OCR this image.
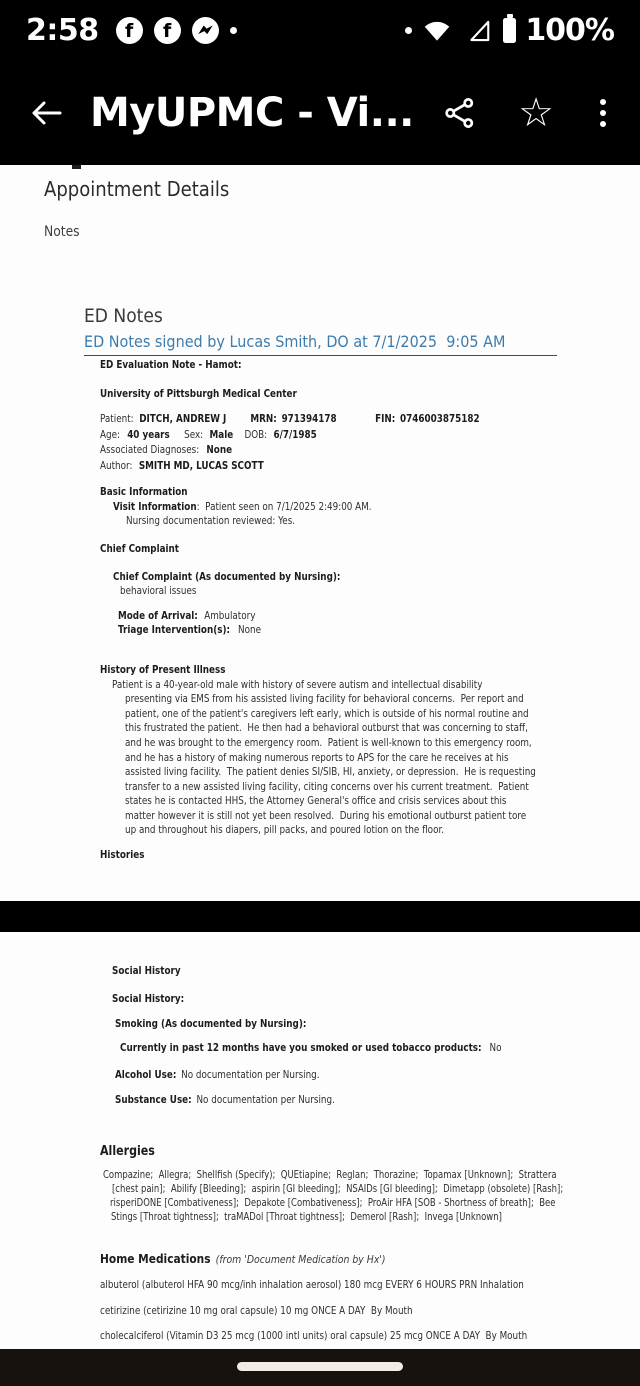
2:58 f f	100%
MyUPMC - Vi...	☆
Appointment Details
Notes
ED Notes
ED Notes signed by Lucas Smith, DO at 7/1/2025  9:05 AM
ED Evaluation Note - Hamot:
University of Pittsburgh Medical Center
Patient: DITCH, ANDREW J MRN: 971394178	FIN: 0746003875182
Age: 40 years Sex: Male DOB: 6/7/1985
Associated Diagnoses: None
Author: SMITH MD, LUCAS SCOTT
Basic Information
Visit Information:  Patient seen on 7/1/2025 2:49:00 AM.
Nursing documentation reviewed: Yes.
Chief Complaint
Chief Complaint (As documented by Nursing):
behavioral issues
Mode of Arrival: Ambulatory
Triage Intervention(s): None
History of Present Illness
Patient is a 40-year-old male with history of severe autism and intellectual disability
presenting via EMS from his assisted living facility for behavioral concerns.  Per report and
patient, one of the patient's caregivers left early, which is outside of his normal routine and
this frustrated the patient.  He then had a behavioral outburst that was concerning to staff,
and he was brought to the emergency room.  Patient is well-known to this emergency room,
and he has a history of making numerous reports to APS for the care he receives at his
assisted living facility.  The patient denies SI/SIB, HI, anxiety, or depression.  He is requesting
transfer to a new assisted living facility, citing concerns over his current treatment.  Patient
states he is contacted HHS, the Attorney General's office and crisis services about this
matter however it is still not yet been resolved.  During his emotional outburst patient tore
up and throughout his diapers, pill packs, and poured lotion on the floor.
Histories
Social History
Social History:
Smoking (As documented by Nursing):
Currently in past 12 months have you smoked or used tobacco products: No
Alcohol Use: No documentation per Nursing.
Substance Use: No documentation per Nursing.
Allergies
Compazine;  Allegra;  Shellfish (Specify);  QUEtiapine;  Reglan;  Thorazine;  Topamax [Unknown];  Strattera
[chest pain];  Abilify [Bleeding];  aspirin [GI bleeding];  NSAIDs [GI bleeding];  Dimetapp (obsolete) [Rash];
risperiDONE [Combativeness];  Depakote [Combativeness];  ProAir HFA [SOB - Shortness of breath];  Bee
Stings [Throat tightness];  traMADol [Throat tightness];  Demerol [Rash];  Invega [Unknown]
Home Medications (from 'Document Medication by Hx')
albuterol (albuterol HFA 90 mcg/inh inhalation aerosol) 180 mcg EVERY 6 HOURS PRN Inhalation
cetirizine (cetirizine 10 mg oral capsule) 10 mg ONCE A DAY  By Mouth
cholecalciferol (Vitamin D3 25 mcg (1000 intl units) oral capsule) 25 mcg ONCE A DAY  By Mouth
